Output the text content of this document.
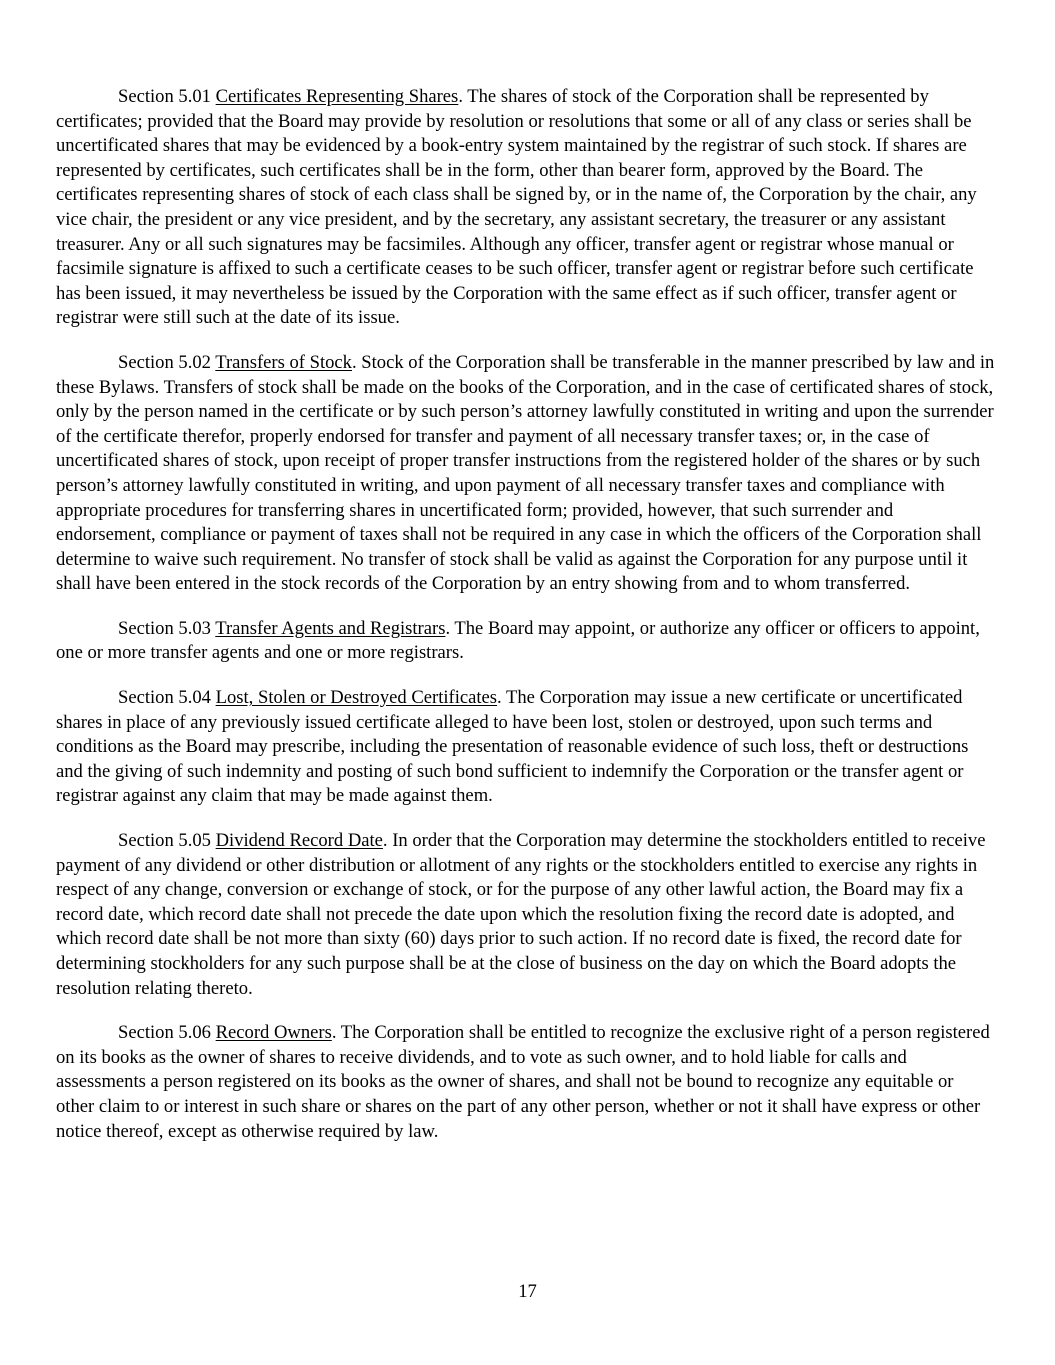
Section 5.01 Certificates Representing Shares. The shares of stock of the Corporation shall be represented by certificates; provided that the Board may provide by resolution or resolutions that some or all of any class or series shall be uncertificated shares that may be evidenced by a book-entry system maintained by the registrar of such stock. If shares are represented by certificates, such certificates shall be in the form, other than bearer form, approved by the Board. The certificates representing shares of stock of each class shall be signed by, or in the name of, the Corporation by the chair, any vice chair, the president or any vice president, and by the secretary, any assistant secretary, the treasurer or any assistant treasurer. Any or all such signatures may be facsimiles. Although any officer, transfer agent or registrar whose manual or facsimile signature is affixed to such a certificate ceases to be such officer, transfer agent or registrar before such certificate has been issued, it may nevertheless be issued by the Corporation with the same effect as if such officer, transfer agent or registrar were still such at the date of its issue.

Section 5.02 Transfers of Stock. Stock of the Corporation shall be transferable in the manner prescribed by law and in these Bylaws. Transfers of stock shall be made on the books of the Corporation, and in the case of certificated shares of stock, only by the person named in the certificate or by such person’s attorney lawfully constituted in writing and upon the surrender of the certificate therefor, properly endorsed for transfer and payment of all necessary transfer taxes; or, in the case of uncertificated shares of stock, upon receipt of proper transfer instructions from the registered holder of the shares or by such person’s attorney lawfully constituted in writing, and upon payment of all necessary transfer taxes and compliance with appropriate procedures for transferring shares in uncertificated form; provided, however, that such surrender and endorsement, compliance or payment of taxes shall not be required in any case in which the officers of the Corporation shall determine to waive such requirement. No transfer of stock shall be valid as against the Corporation for any purpose until it shall have been entered in the stock records of the Corporation by an entry showing from and to whom transferred.

Section 5.03 Transfer Agents and Registrars. The Board may appoint, or authorize any officer or officers to appoint, one or more transfer agents and one or more registrars.

Section 5.04 Lost, Stolen or Destroyed Certificates. The Corporation may issue a new certificate or uncertificated shares in place of any previously issued certificate alleged to have been lost, stolen or destroyed, upon such terms and conditions as the Board may prescribe, including the presentation of reasonable evidence of such loss, theft or destructions and the giving of such indemnity and posting of such bond sufficient to indemnify the Corporation or the transfer agent or registrar against any claim that may be made against them.

Section 5.05 Dividend Record Date. In order that the Corporation may determine the stockholders entitled to receive payment of any dividend or other distribution or allotment of any rights or the stockholders entitled to exercise any rights in respect of any change, conversion or exchange of stock, or for the purpose of any other lawful action, the Board may fix a record date, which record date shall not precede the date upon which the resolution fixing the record date is adopted, and which record date shall be not more than sixty (60) days prior to such action. If no record date is fixed, the record date for determining stockholders for any such purpose shall be at the close of business on the day on which the Board adopts the resolution relating thereto.

Section 5.06 Record Owners. The Corporation shall be entitled to recognize the exclusive right of a person registered on its books as the owner of shares to receive dividends, and to vote as such owner, and to hold liable for calls and assessments a person registered on its books as the owner of shares, and shall not be bound to recognize any equitable or other claim to or interest in such share or shares on the part of any other person, whether or not it shall have express or other notice thereof, except as otherwise required by law.

17
